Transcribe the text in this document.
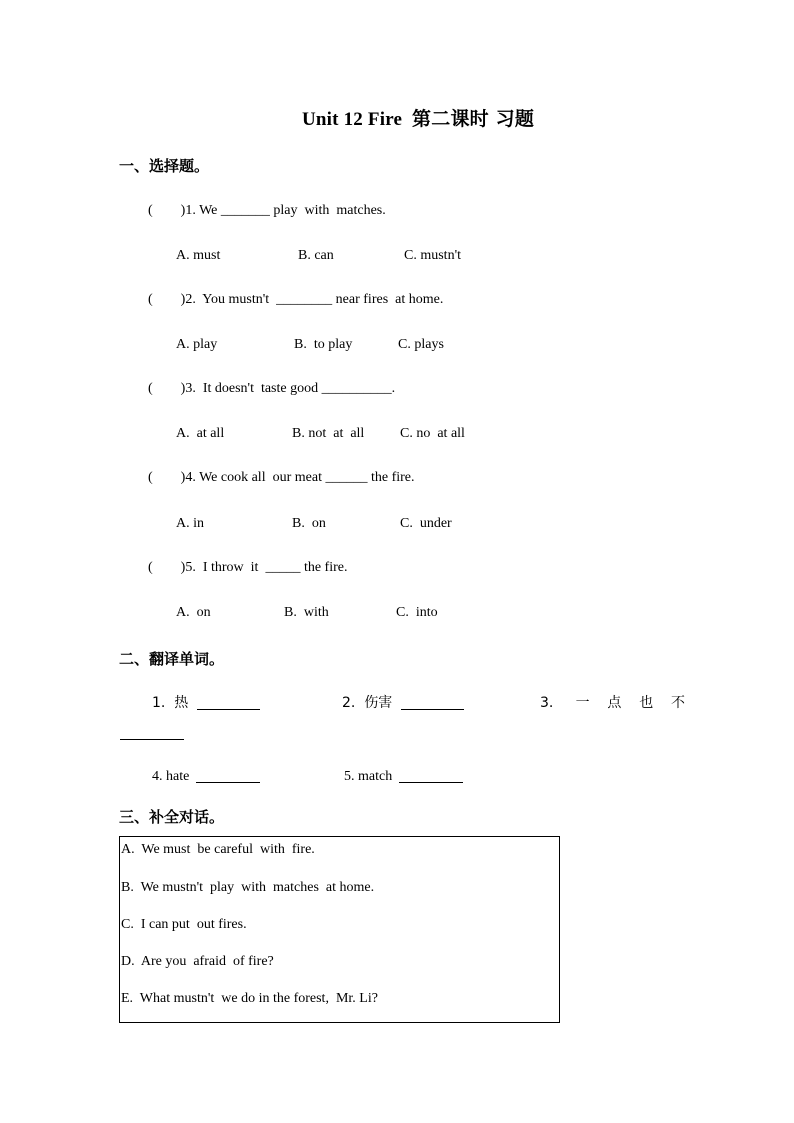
Unit 12 Fire 第二课时 习题
一、选择题。
(        )1. We _______ play  with  matches.

A. must

	B. can

	C. mustn't

(        )2.  You mustn't  ________ near fires  at home.

A. play

	B.  to play

	C. plays

(        )3.  It doesn't  taste good __________.

A.  at all

	B. not  at  all

	C. no  at all

(        )4. We cook all  our meat ______ the fire.

A. in

	B.  on

	C.  under

(        )5.  I throw  it  _____ the fire.

A.  on

	B.  with

	C.  into

二、翻译单词。
1.  热	2.  伤害	3.     一    点    也    不
4. hate	5. match
三、补全对话。
A.  We must  be careful  with  fire.
B.  We mustn't  play  with  matches  at home.
C.  I can put  out fires.
D.  Are you  afraid  of fire?
E.  What mustn't  we do in the forest,  Mr. Li?
